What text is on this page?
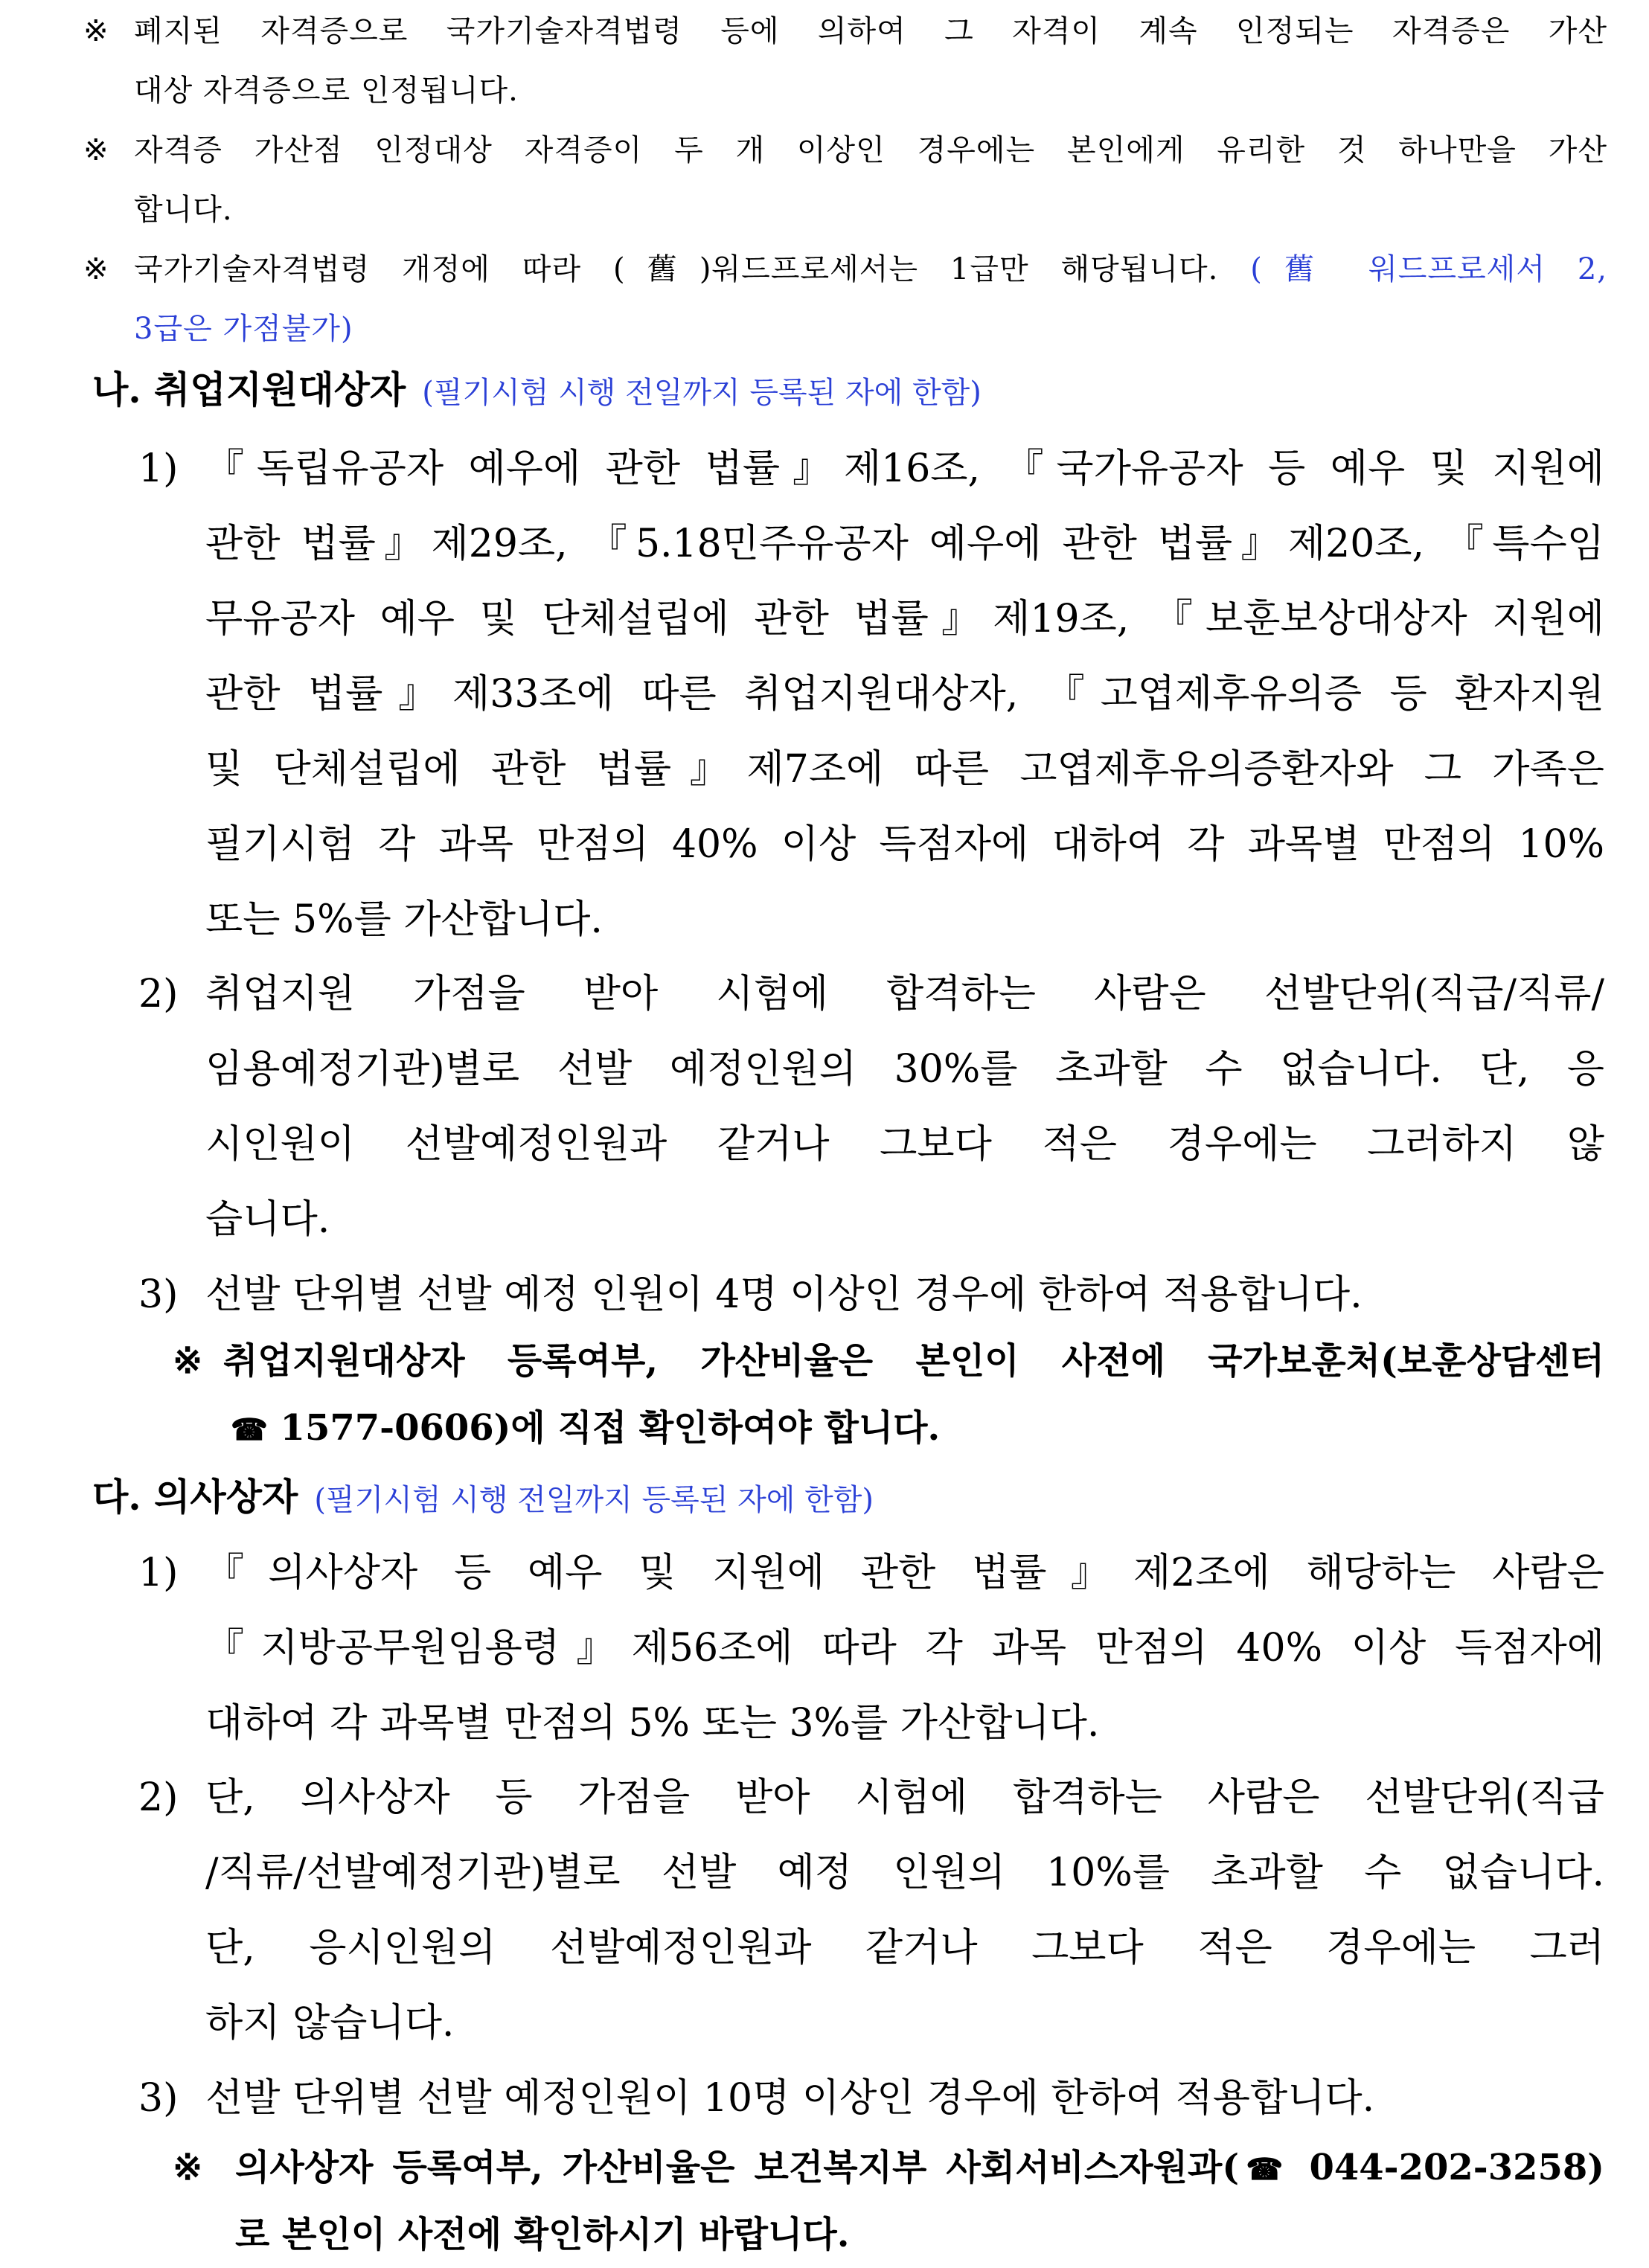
※ 폐지된 자격증으로 국가기술자격법령 등에 의하여 그 자격이 계속 인정되는 자격증은 가산
대상 자격증으로 인정됩니다.
※ 자격증 가산점 인정대상 자격증이 두 개 이상인 경우에는 본인에게 유리한 것 하나만을 가산
합니다.
※ 국가기술자격법령 개정에 따라 (舊)워드프로세서는 1급만 해당됩니다. (舊 워드프로세서 2,
3급은 가점불가)
나. 취업지원대상자 (필기시험 시행 전일까지 등록된 자에 한함)
1) 『독립유공자 예우에 관한 법률』제16조, 『국가유공자 등 예우 및 지원에
관한 법률』제29조, 『5.18민주유공자 예우에 관한 법률』제20조, 『특수임
무유공자 예우 및 단체설립에 관한 법률』제19조, 『보훈보상대상자 지원에
관한 법률』제33조에 따른 취업지원대상자, 『고엽제후유의증 등 환자지원
및 단체설립에 관한 법률』제7조에 따른 고엽제후유의증환자와 그 가족은
필기시험 각 과목 만점의 40% 이상 득점자에 대하여 각 과목별 만점의 10%
또는 5%를 가산합니다.
2) 취업지원 가점을 받아 시험에 합격하는 사람은 선발단위(직급/직류/
임용예정기관)별로 선발 예정인원의 30%를 초과할 수 없습니다. 단, 응
시인원이 선발예정인원과 같거나 그보다 적은 경우에는 그러하지 않
습니다.
3) 선발 단위별 선발 예정 인원이 4명 이상인 경우에 한하여 적용합니다.
※ 취업지원대상자 등록여부, 가산비율은 본인이 사전에 국가보훈처(보훈상담센터
☎ 1577-0606)에 직접 확인하여야 합니다.
다. 의사상자 (필기시험 시행 전일까지 등록된 자에 한함)
1) 『의사상자 등 예우 및 지원에 관한 법률』제2조에 해당하는 사람은
『지방공무원임용령』제56조에 따라 각 과목 만점의 40% 이상 득점자에
대하여 각 과목별 만점의 5% 또는 3%를 가산합니다.
2) 단, 의사상자 등 가점을 받아 시험에 합격하는 사람은 선발단위(직급
/직류/선발예정기관)별로 선발 예정 인원의 10%를 초과할 수 없습니다.
단, 응시인원의 선발예정인원과 같거나 그보다 적은 경우에는 그러
하지 않습니다.
3) 선발 단위별 선발 예정인원이 10명 이상인 경우에 한하여 적용합니다.
※ 의사상자 등록여부, 가산비율은 보건복지부 사회서비스자원과(☎ 044-202-3258)
로 본인이 사전에 확인하시기 바랍니다.
